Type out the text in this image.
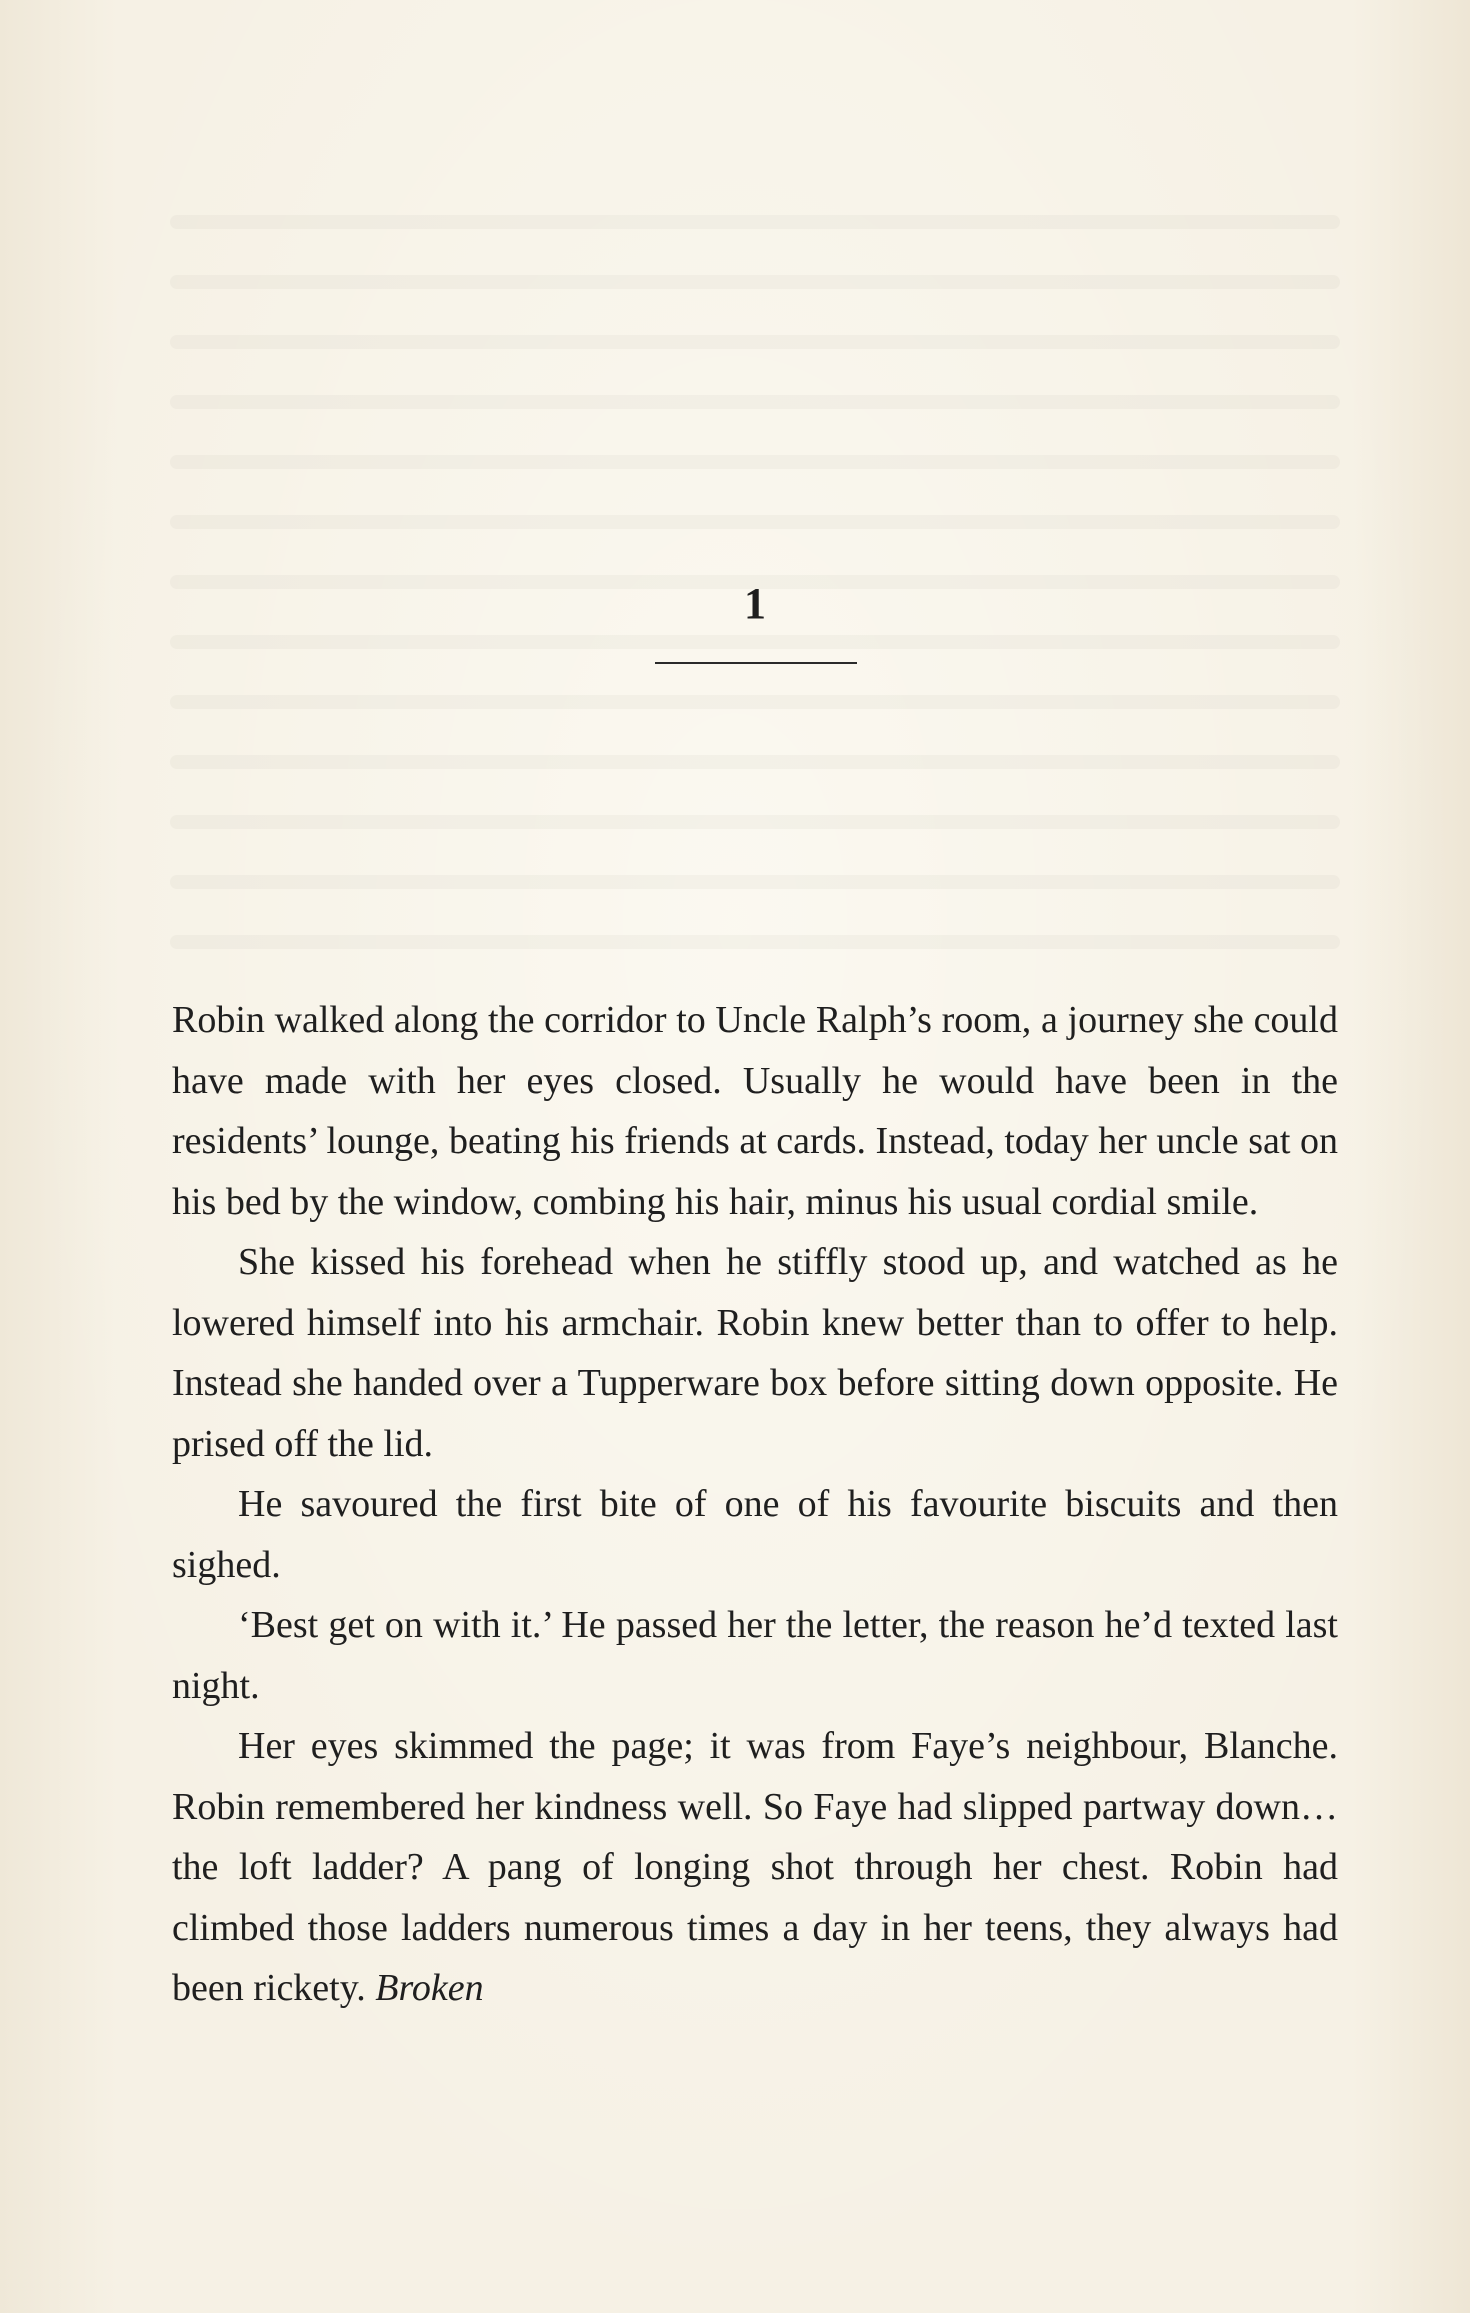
1

Robin walked along the corridor to Uncle Ralph’s room, a journey she could have made with her eyes closed. Usually he would have been in the residents’ lounge, beating his friends at cards. Instead, today her uncle sat on his bed by the window, combing his hair, minus his usual cordial smile.

She kissed his forehead when he stiffly stood up, and watched as he lowered himself into his armchair. Robin knew better than to offer to help. Instead she handed over a Tupperware box before sitting down opposite. He prised off the lid.

He savoured the first bite of one of his favourite biscuits and then sighed.

‘Best get on with it.’ He passed her the letter, the reason he’d texted last night.

Her eyes skimmed the page; it was from Faye’s neighbour, Blanche. Robin remembered her kindness well. So Faye had slipped partway down… the loft ladder? A pang of longing shot through her chest. Robin had climbed those ladders numerous times a day in her teens, they always had been rickety. Broken
